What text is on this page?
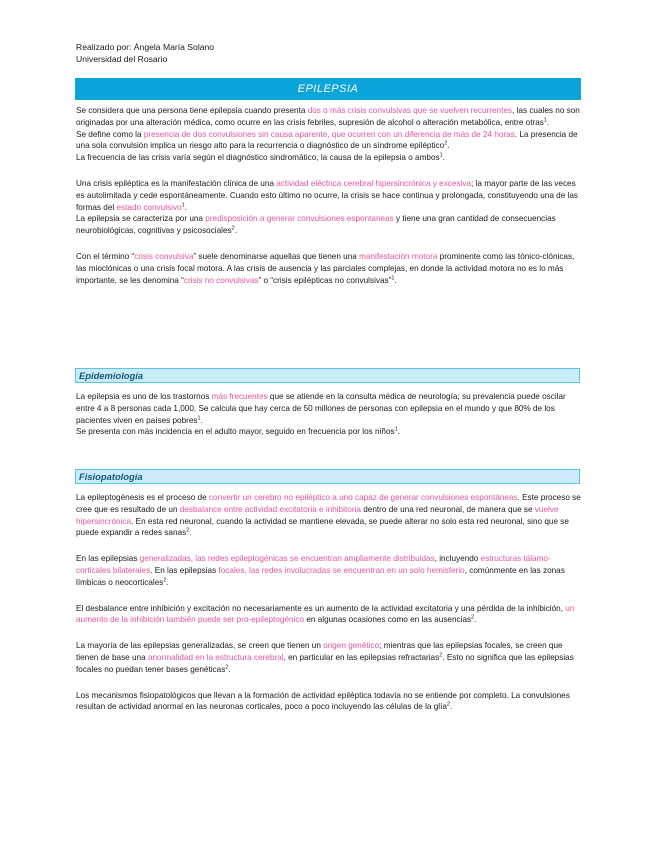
Realizado por: Ángela María Solano
Universidad del Rosario
EPILEPSIA

Se considera que una persona tiene epilepsia cuando presenta dos o más crisis convulsivas que se vuelven recurrentes, las cuales no son originadas por una alteración médica, como ocurre en las crisis febriles, supresión de alcohol o alteración metabólica, entre otras$^1$.

Se define como la presencia de dos convulsiones sin causa aparente, que ocurren con un diferencia de más de 24 horas. La presencia de una sola convulsión implica un riesgo alto para la recurrencia o diagnóstico de un síndrome epiléptico$^2$.

La frecuencia de las crisis varía según el diagnóstico sindromático, la causa de la epilepsia o ambos$^1$.

Una crisis epiléptica es la manifestación clínica de una actividad eléctrica cerebral hipersincrónica y excesiva; la mayor parte de las veces es autolimitada y cede espontáneamente. Cuando esto último no ocurre, la crisis se hace continua y prolongada, constituyendo una de las formas del estado convulsivo$^1$.

La epilepsia se caracteriza por una predisposición a generar convulsiones espontaneas y tiene una gran cantidad de consecuencias neurobiológicas, cognitivas y psicosociales$^2$.

Con el término “crisis convulsiva” suele denominarse aquellas que tienen una manifestación motora prominente como las tónico-clónicas, las mioclónicas o una crisis focal motora. A las crisis de ausencia y las parciales complejas, en donde la actividad motora no es lo más importante, se les denomina “crisis no convulsivas” o “crisis epilépticas no convulsivas”$^1$.

Epidemiología

La epilepsia es uno de los trastornos más frecuentes que se atiende en la consulta médica de neurología; su prevalencia puede oscilar entre 4 a 8 personas cada 1,000. Se calcula que hay cerca de 50 millones de personas con epilepsia en el mundo y que 80% de los pacientes viven en países pobres$^1$.

Se presenta con más incidencia en el adulto mayor, seguido en frecuencia por los niños$^1$.

Fisiopatología

La epileptogénesis es el proceso de convertir un cerebro no epiléptico a uno capaz de generar convulsiones espontáneas. Este proceso se cree que es resultado de un desbalance entre actividad excitatoria e inhibitoria dentro de una red neuronal, de manera que se vuelve hipersincrónica. En esta red neuronal, cuando la actividad se mantiene elevada, se puede alterar no solo esta red neuronal, sino que se puede expandir a redes sanas$^2$.

En las epilepsias generalizadas, las redes epileptogénicas se encuentran ampliamente distribuidas, incluyendo estructuras tálamo-corticales bilaterales. En las epilepsias focales, las redes involucradas se encuentran en un solo hemisferio, comúnmente en las zonas límbicas o neocorticales$^2$.

El desbalance entre inhibición y excitación no necesariamente es un aumento de la actividad excitatoria y una pérdida de la inhibición, un aumento de la inhibición también puede ser pro-epileptogénico en algunas ocasiones como en las ausencias$^2$.

La mayoría de las epilepsias generalizadas, se creen que tienen un origen genético; mientras que las epilepsias focales, se creen que tienen de base una anormalidad en la estructura cerebral, en particular en las epilepsias refractarias$^2$. Esto no significa que las epilepsias focales no puedan tener bases genéticas$^2$.

Los mecanismos fisiopatológicos que llevan a la formación de actividad epiléptica todavía no se entiende por completo. La convulsiones resultan de actividad anormal en las neuronas corticales, poco a poco incluyendo las células de la glía$^2$.
